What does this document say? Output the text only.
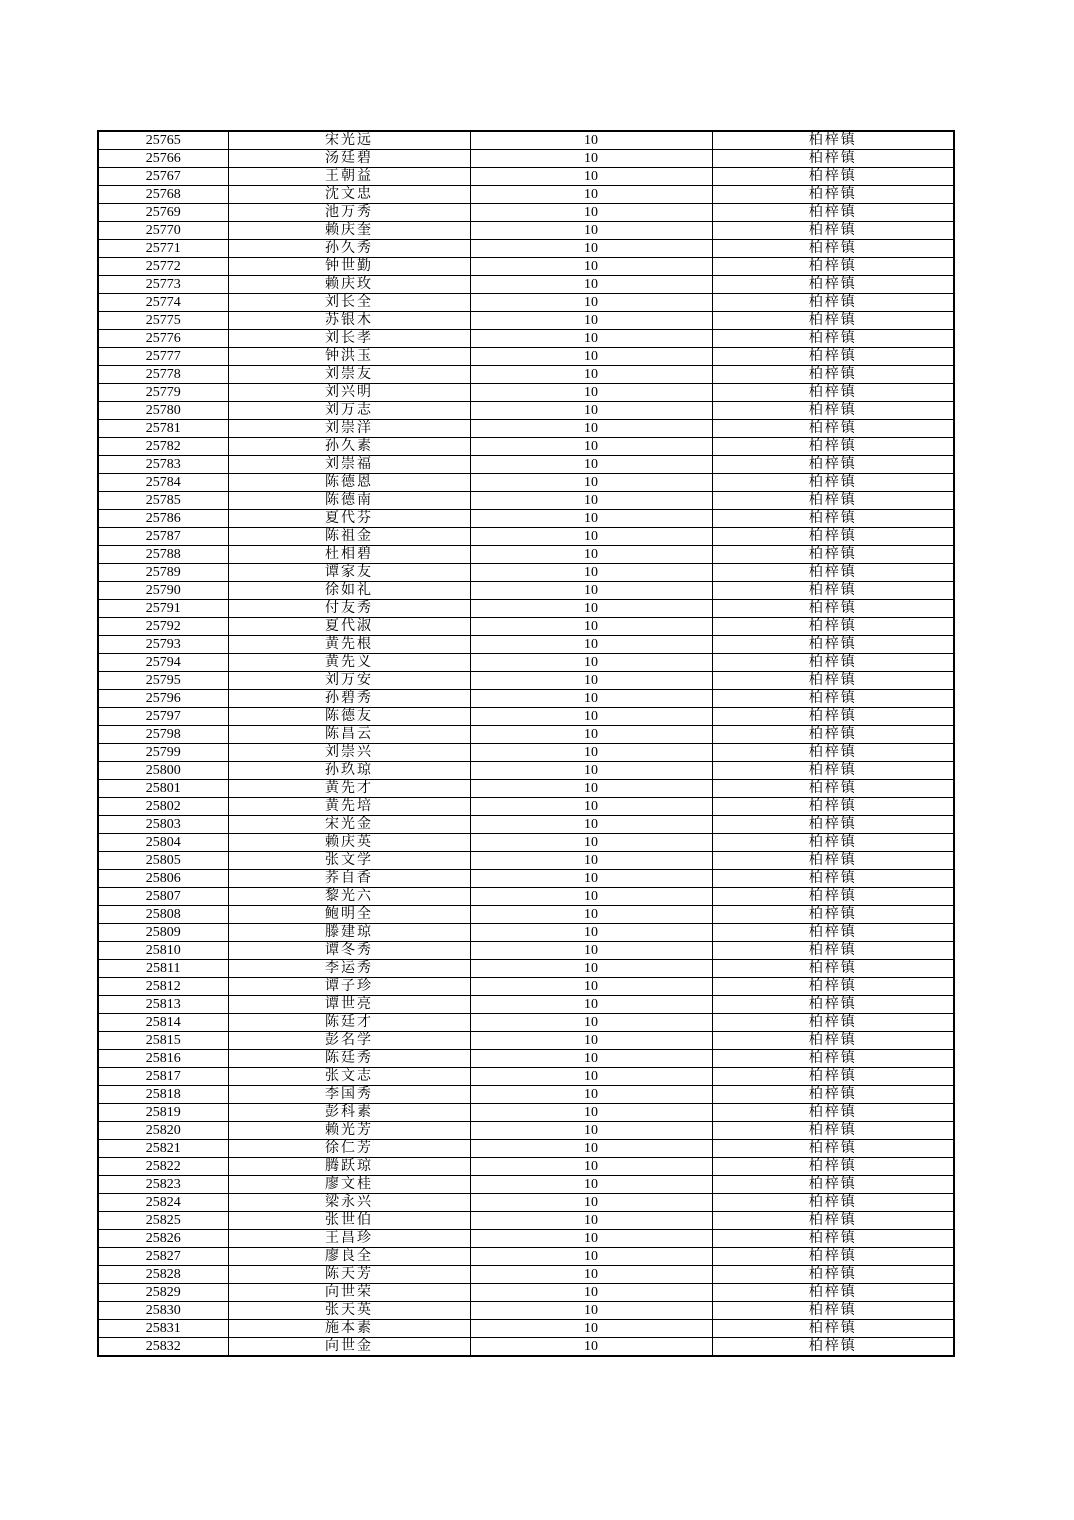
25765	宋光远	10	柏梓镇
25766	汤廷碧	10	柏梓镇
25767	王朝益	10	柏梓镇
25768	沈文忠	10	柏梓镇
25769	池万秀	10	柏梓镇
25770	赖庆奎	10	柏梓镇
25771	孙久秀	10	柏梓镇
25772	钟世勤	10	柏梓镇
25773	赖庆玫	10	柏梓镇
25774	刘长全	10	柏梓镇
25775	苏银木	10	柏梓镇
25776	刘长孝	10	柏梓镇
25777	钟洪玉	10	柏梓镇
25778	刘崇友	10	柏梓镇
25779	刘兴明	10	柏梓镇
25780	刘万志	10	柏梓镇
25781	刘崇洋	10	柏梓镇
25782	孙久素	10	柏梓镇
25783	刘崇福	10	柏梓镇
25784	陈德恩	10	柏梓镇
25785	陈德南	10	柏梓镇
25786	夏代芬	10	柏梓镇
25787	陈祖金	10	柏梓镇
25788	杜相碧	10	柏梓镇
25789	谭家友	10	柏梓镇
25790	徐如礼	10	柏梓镇
25791	付友秀	10	柏梓镇
25792	夏代淑	10	柏梓镇
25793	黄先根	10	柏梓镇
25794	黄先义	10	柏梓镇
25795	刘万安	10	柏梓镇
25796	孙碧秀	10	柏梓镇
25797	陈德友	10	柏梓镇
25798	陈昌云	10	柏梓镇
25799	刘崇兴	10	柏梓镇
25800	孙玖琼	10	柏梓镇
25801	黄先才	10	柏梓镇
25802	黄先培	10	柏梓镇
25803	宋光金	10	柏梓镇
25804	赖庆英	10	柏梓镇
25805	张文学	10	柏梓镇
25806	荞自香	10	柏梓镇
25807	黎光六	10	柏梓镇
25808	鲍明全	10	柏梓镇
25809	滕建琼	10	柏梓镇
25810	谭冬秀	10	柏梓镇
25811	李运秀	10	柏梓镇
25812	谭子珍	10	柏梓镇
25813	谭世亮	10	柏梓镇
25814	陈廷才	10	柏梓镇
25815	彭名学	10	柏梓镇
25816	陈廷秀	10	柏梓镇
25817	张文志	10	柏梓镇
25818	李国秀	10	柏梓镇
25819	彭科素	10	柏梓镇
25820	赖光芳	10	柏梓镇
25821	徐仁芳	10	柏梓镇
25822	腾跃琼	10	柏梓镇
25823	廖文桂	10	柏梓镇
25824	梁永兴	10	柏梓镇
25825	张世伯	10	柏梓镇
25826	王昌珍	10	柏梓镇
25827	廖良全	10	柏梓镇
25828	陈天芳	10	柏梓镇
25829	向世荣	10	柏梓镇
25830	张天英	10	柏梓镇
25831	施本素	10	柏梓镇
25832	向世金	10	柏梓镇
